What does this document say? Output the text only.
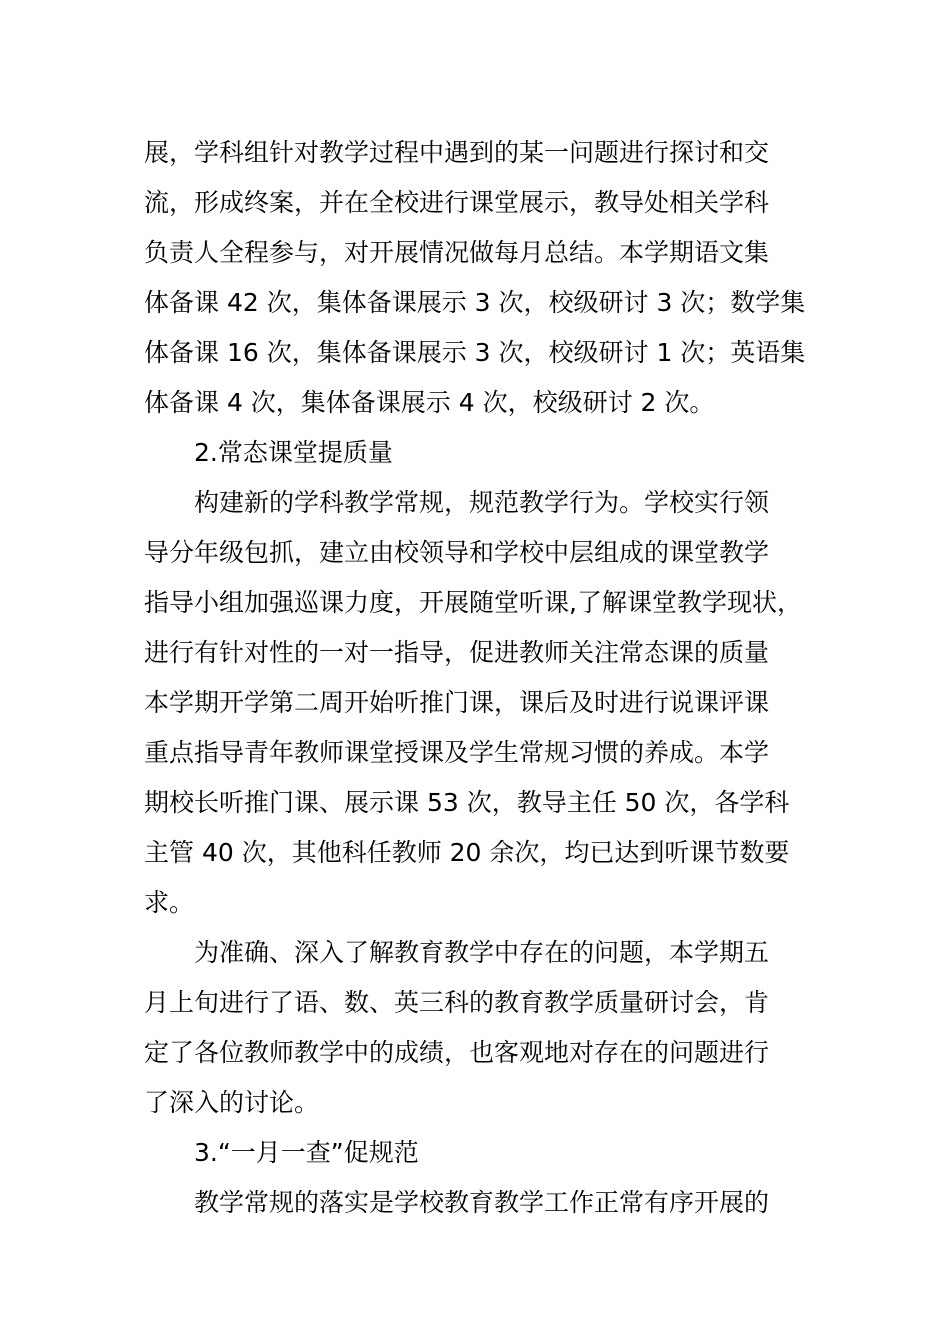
展，学科组针对教学过程中遇到的某一问题进行探讨和交
流，形成终案，并在全校进行课堂展示，教导处相关学科
负责人全程参与，对开展情况做每月总结。本学期语文集
体备课 42 次，集体备课展示 3 次，校级研讨 3 次；数学集
体备课 16 次，集体备课展示 3 次，校级研讨 1 次；英语集
体备课 4 次，集体备课展示 4 次，校级研讨 2 次。
2.常态课堂提质量
构建新的学科教学常规，规范教学行为。学校实行领
导分年级包抓，建立由校领导和学校中层组成的课堂教学
指导小组加强巡课力度，开展随堂听课,了解课堂教学现状，
进行有针对性的一对一指导，促进教师关注常态课的质量
本学期开学第二周开始听推门课，课后及时进行说课评课
重点指导青年教师课堂授课及学生常规习惯的养成。本学
期校长听推门课、展示课 53 次，教导主任 50 次，各学科
主管 40 次，其他科任教师 20 余次，均已达到听课节数要
求。
为准确、深入了解教育教学中存在的问题，本学期五
月上旬进行了语、数、英三科的教育教学质量研讨会，肯
定了各位教师教学中的成绩，也客观地对存在的问题进行
了深入的讨论。
3.“一月一查”促规范
教学常规的落实是学校教育教学工作正常有序开展的
